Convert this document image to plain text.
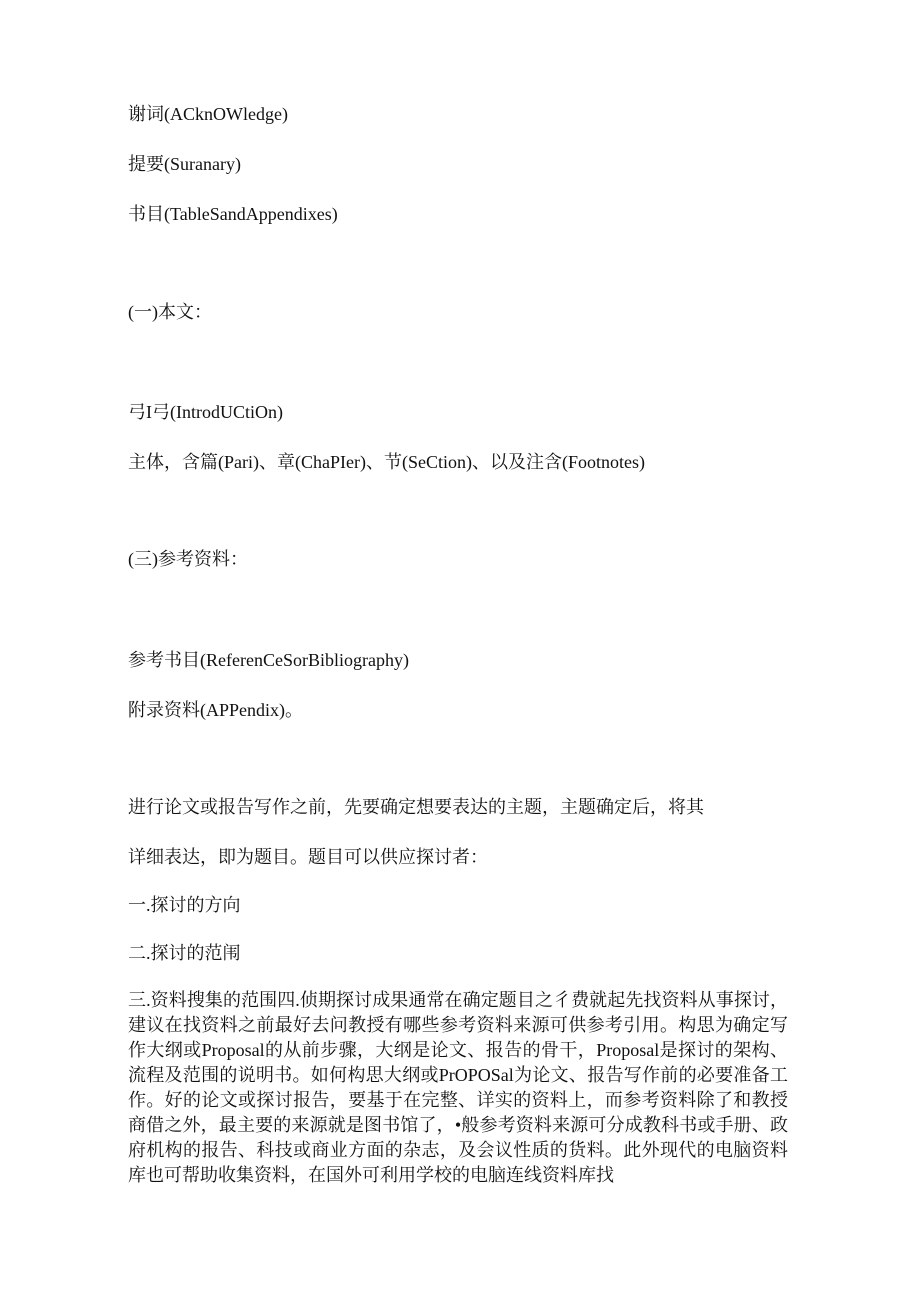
谢词(ACknOWledge)
提要(Suranary)
书目(TableSandAppendixes)
(一)本文：
弓I弓(IntrodUCtiOn)
主体，含篇(Pari)、章(ChaPIer)、节(SeCtion)、以及注含(Footnotes)
(三)参考资料：
参考书目(ReferenCeSorBibliography)
附录资料(APPendix)。
进行论文或报告写作之前，先要确定想要表达的主题，主题确定后，将其
详细表达，即为题目。题目可以供应探讨者：
一.探讨的方向
二.探讨的范闱
三.资料搜集的范围四.侦期探讨成果通常在确定题目之彳费就起先找资料从事探讨，建议在找资料之前最好去问教授有哪些参考资料来源可供参考引用。构思为确定写作大纲或Proposal的从前步骤，大纲是论文、报告的骨干，Proposal是探讨的架构、流程及范围的说明书。如何构思大纲或PrOPOSal为论文、报告写作前的必要准备工作。好的论文或探讨报告，要基于在完整、详实的资料上，而参考资料除了和教授商借之外，最主要的来源就是图书馆了，•般参考资料来源可分成教科书或手册、政府机构的报告、科技或商业方面的杂志，及会议性质的货料。此外现代的电脑资料库也可帮助收集资料，在国外可利用学校的电脑连线资料库找
